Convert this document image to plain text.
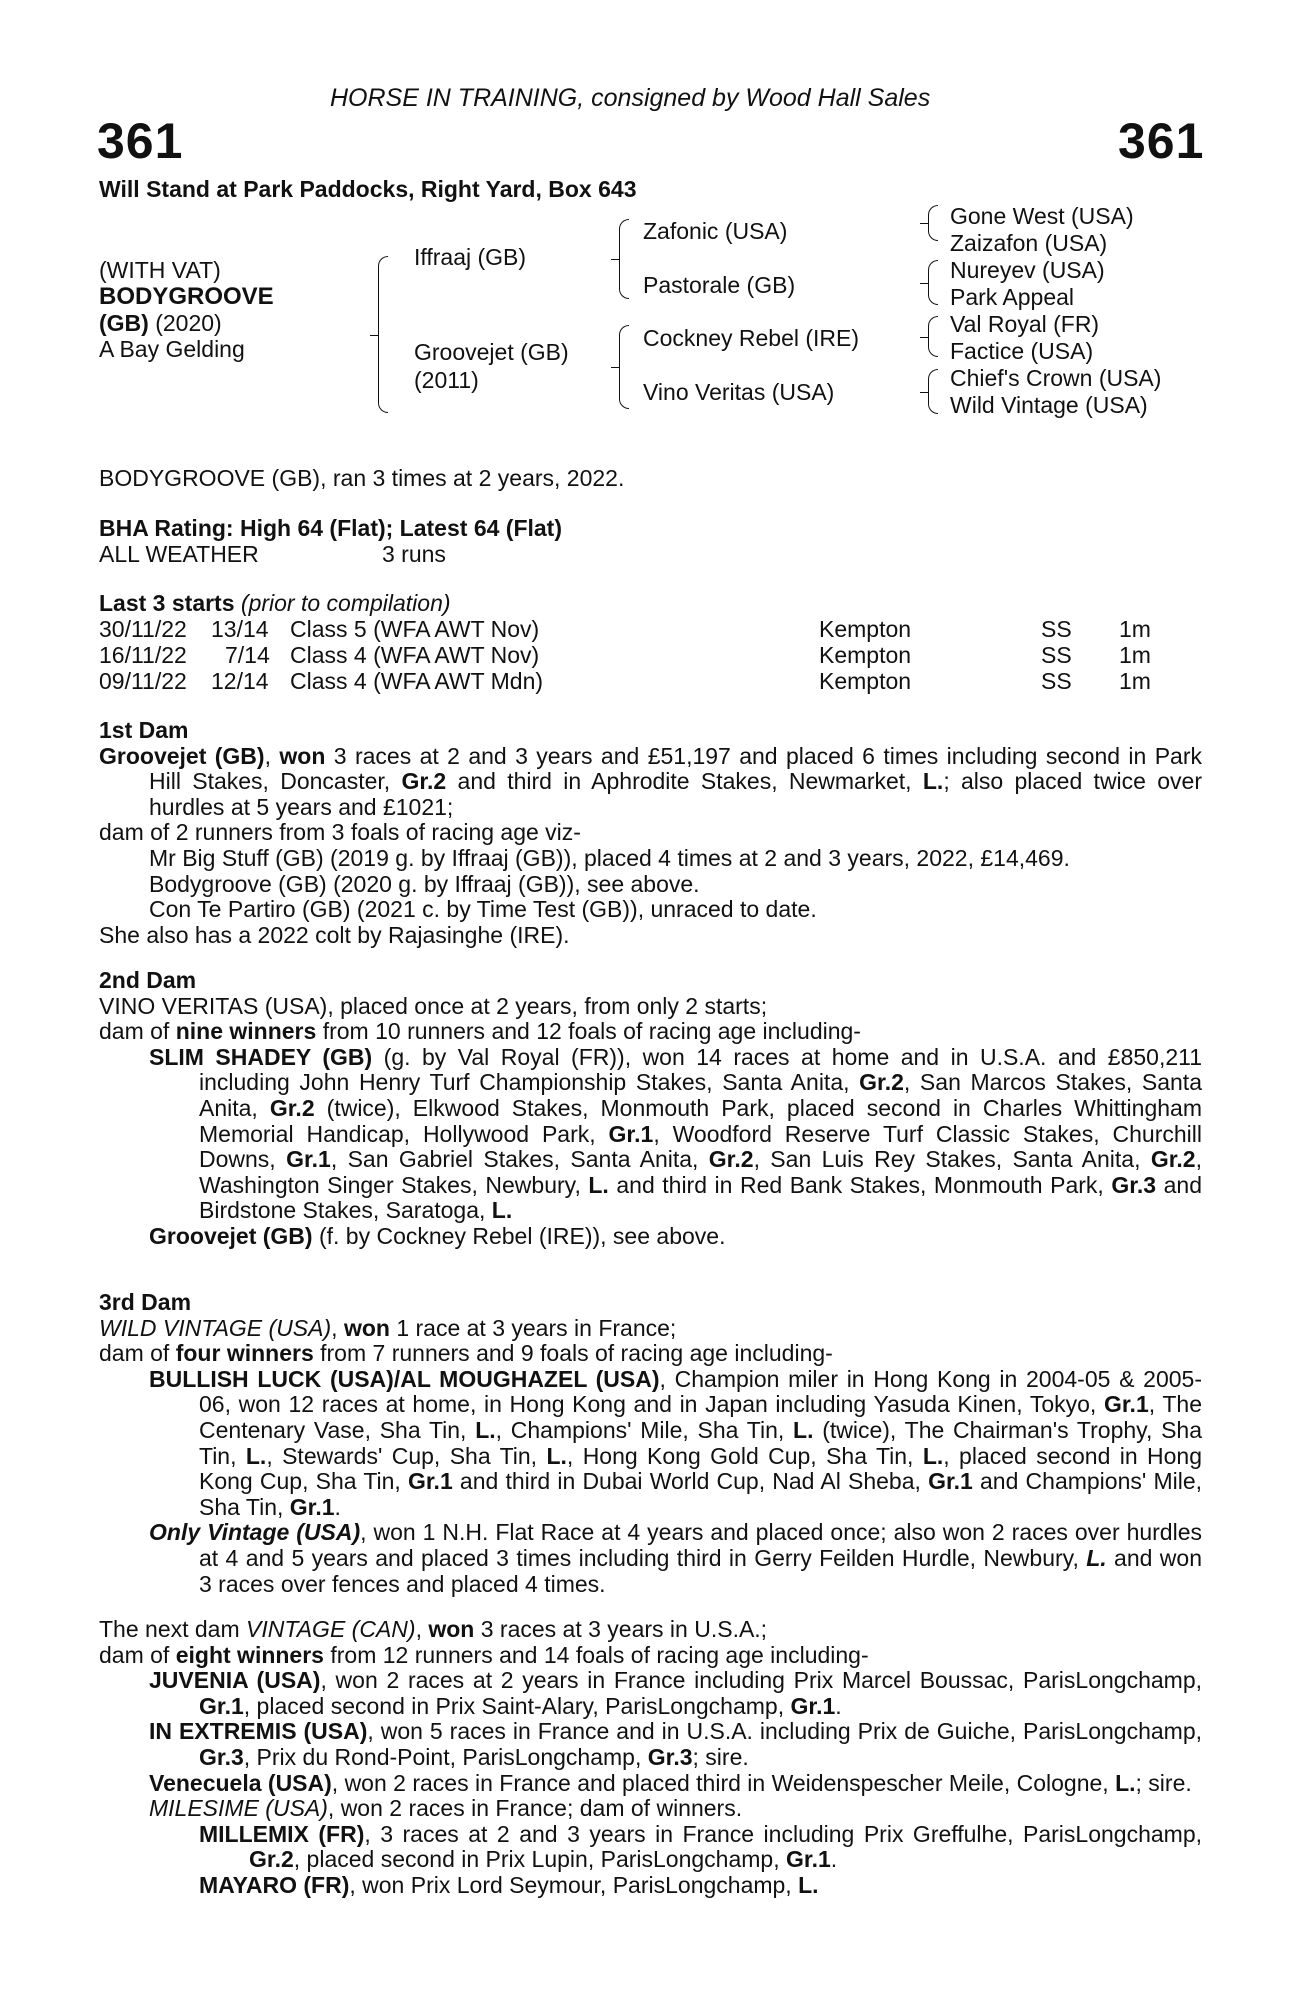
HORSE IN TRAINING, consigned by Wood Hall Sales
361	361
Will Stand at Park Paddocks, Right Yard, Box 643
(WITH VAT)
BODYGROOVE
(GB) (2020)
A Bay Gelding
Iffraaj (GB)
Groovejet (GB)
(2011)
Zafonic (USA)
Pastorale (GB)
Cockney Rebel (IRE)
Vino Veritas (USA)
Gone West (USA)
Zaizafon (USA)
Nureyev (USA)
Park Appeal
Val Royal (FR)
Factice (USA)
Chief's Crown (USA)
Wild Vintage (USA)
BODYGROOVE (GB), ran 3 times at 2 years, 2022.
BHA Rating: High 64 (Flat); Latest 64 (Flat)
ALL WEATHER	3 runs
Last 3 starts (prior to compilation)
30/11/22 13/14 Class 5 (WFA AWT Nov)	Kempton	SS 1m
16/11/22 7/14 Class 4 (WFA AWT Nov)	Kempton	SS 1m
09/11/22 12/14 Class 4 (WFA AWT Mdn)	Kempton	SS 1m

1st Dam

Groovejet (GB), won 3 races at 2 and 3 years and £51,197 and placed 6 times including second in Park Hill Stakes, Doncaster, Gr.2 and third in Aphrodite Stakes, Newmarket, L.; also placed twice over hurdles at 5 years and £1021;

dam of 2 runners from 3 foals of racing age viz-

Mr Big Stuff (GB) (2019 g. by Iffraaj (GB)), placed 4 times at 2 and 3 years, 2022, £14,469.

Bodygroove (GB) (2020 g. by Iffraaj (GB)), see above.

Con Te Partiro (GB) (2021 c. by Time Test (GB)), unraced to date.

She also has a 2022 colt by Rajasinghe (IRE).

2nd Dam

VINO VERITAS (USA), placed once at 2 years, from only 2 starts;

dam of nine winners from 10 runners and 12 foals of racing age including-

SLIM SHADEY (GB) (g. by Val Royal (FR)), won 14 races at home and in U.S.A. and £850,211 including John Henry Turf Championship Stakes, Santa Anita, Gr.2, San Marcos Stakes, Santa Anita, Gr.2 (twice), Elkwood Stakes, Monmouth Park, placed second in Charles Whittingham Memorial Handicap, Hollywood Park, Gr.1, Woodford Reserve Turf Classic Stakes, Churchill Downs, Gr.1, San Gabriel Stakes, Santa Anita, Gr.2, San Luis Rey Stakes, Santa Anita, Gr.2, Washington Singer Stakes, Newbury, L. and third in Red Bank Stakes, Monmouth Park, Gr.3 and Birdstone Stakes, Saratoga, L.

Groovejet (GB) (f. by Cockney Rebel (IRE)), see above.

3rd Dam

WILD VINTAGE (USA), won 1 race at 3 years in France;

dam of four winners from 7 runners and 9 foals of racing age including-

BULLISH LUCK (USA)/AL MOUGHAZEL (USA), Champion miler in Hong Kong in 2004-05 & 2005-06, won 12 races at home, in Hong Kong and in Japan including Yasuda Kinen, Tokyo, Gr.1, The Centenary Vase, Sha Tin, L., Champions' Mile, Sha Tin, L. (twice), The Chairman's Trophy, Sha Tin, L., Stewards' Cup, Sha Tin, L., Hong Kong Gold Cup, Sha Tin, L., placed second in Hong Kong Cup, Sha Tin, Gr.1 and third in Dubai World Cup, Nad Al Sheba, Gr.1 and Champions' Mile, Sha Tin, Gr.1.

Only Vintage (USA), won 1 N.H. Flat Race at 4 years and placed once; also won 2 races over hurdles at 4 and 5 years and placed 3 times including third in Gerry Feilden Hurdle, Newbury, L. and won 3 races over fences and placed 4 times.

The next dam VINTAGE (CAN), won 3 races at 3 years in U.S.A.;

dam of eight winners from 12 runners and 14 foals of racing age including-

JUVENIA (USA), won 2 races at 2 years in France including Prix Marcel Boussac, ParisLongchamp, Gr.1, placed second in Prix Saint-Alary, ParisLongchamp, Gr.1.

IN EXTREMIS (USA), won 5 races in France and in U.S.A. including Prix de Guiche, ParisLongchamp, Gr.3, Prix du Rond-Point, ParisLongchamp, Gr.3; sire.

Venecuela (USA), won 2 races in France and placed third in Weidenspescher Meile, Cologne, L.; sire.

MILESIME (USA), won 2 races in France; dam of winners.

MILLEMIX (FR), 3 races at 2 and 3 years in France including Prix Greffulhe, ParisLongchamp, Gr.2, placed second in Prix Lupin, ParisLongchamp, Gr.1.

MAYARO (FR), won Prix Lord Seymour, ParisLongchamp, L.
